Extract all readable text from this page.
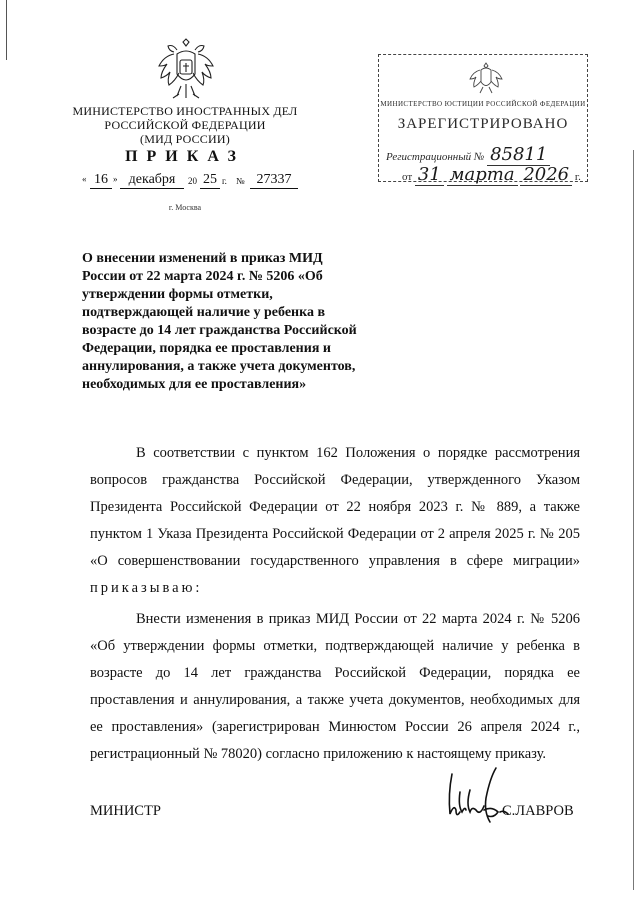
МИНИСТЕРСТВО ИНОСТРАННЫХ ДЕЛ
РОССИЙСКОЙ ФЕДЕРАЦИИ
(МИД РОССИИ)
ПРИКАЗ
« 16 » декабря	20 25 г. № 27337
г. Москва
МИНИСТЕРСТВО ЮСТИЦИИ РОССИЙСКОЙ ФЕДЕРАЦИИ
ЗАРЕГИСТРИРОВАНО
Регистрационный № 85811
от 31 марта 2026 г.
О внесении изменений в приказ МИД России от 22 марта 2024 г. № 5206 «Об утверждении формы отметки, подтверждающей наличие у ребенка в возрасте до 14 лет гражданства Российской Федерации, порядка ее проставления и аннулирования, а также учета документов, необходимых для ее проставления»

В соответствии с пунктом 162 Положения о порядке рассмотрения вопросов гражданства Российской Федерации, утвержденного Указом Президента Российской Федерации от 22 ноября 2023 г. № 889, а также пунктом 1 Указа Президента Российской Федерации от 2 апреля 2025 г. № 205 «О совершенствовании государственного управления в сфере миграции» приказываю:

Внести изменения в приказ МИД России от 22 марта 2024 г. № 5206 «Об утверждении формы отметки, подтверждающей наличие у ребенка в возрасте до 14 лет гражданства Российской Федерации, порядка ее проставления и аннулирования, а также учета документов, необходимых для ее проставления» (зарегистрирован Минюстом России 26 апреля 2024 г., регистрационный № 78020) согласно приложению к настоящему приказу.

МИНИСТР	С.ЛАВРОВ
